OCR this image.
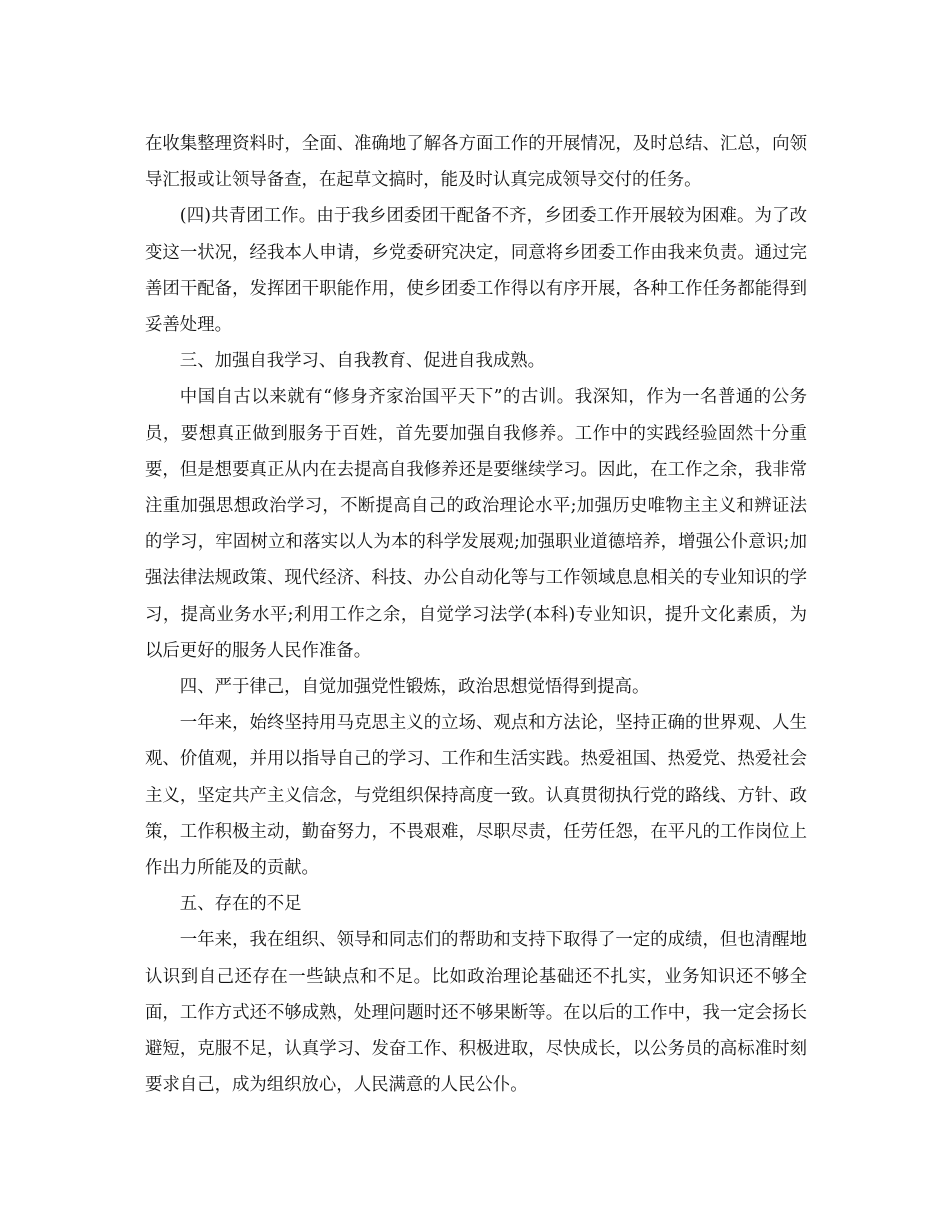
在收集整理资料时，全面、准确地了解各方面工作的开展情况，及时总结、汇总，向领导汇报或让领导备查，在起草文搞时，能及时认真完成领导交付的任务。

(四)共青团工作。由于我乡团委团干配备不齐，乡团委工作开展较为困难。为了改变这一状况，经我本人申请，乡党委研究决定，同意将乡团委工作由我来负责。通过完善团干配备，发挥团干职能作用，使乡团委工作得以有序开展，各种工作任务都能得到妥善处理。

三、加强自我学习、自我教育、促进自我成熟。

中国自古以来就有“修身齐家治国平天下”的古训。我深知，作为一名普通的公务员，要想真正做到服务于百姓，首先要加强自我修养。工作中的实践经验固然十分重要，但是想要真正从内在去提高自我修养还是要继续学习。因此，在工作之余，我非常注重加强思想政治学习，不断提高自己的政治理论水平;加强历史唯物主主义和辨证法的学习，牢固树立和落实以人为本的科学发展观;加强职业道德培养，增强公仆意识;加强法律法规政策、现代经济、科技、办公自动化等与工作领域息息相关的专业知识的学习，提高业务水平;利用工作之余，自觉学习法学(本科)专业知识，提升文化素质，为以后更好的服务人民作准备。

四、严于律己，自觉加强党性锻炼，政治思想觉悟得到提高。

一年来，始终坚持用马克思主义的立场、观点和方法论，坚持正确的世界观、人生观、价值观，并用以指导自己的学习、工作和生活实践。热爱祖国、热爱党、热爱社会主义，坚定共产主义信念，与党组织保持高度一致。认真贯彻执行党的路线、方针、政策，工作积极主动，勤奋努力，不畏艰难，尽职尽责，任劳任怨，在平凡的工作岗位上作出力所能及的贡献。

五、存在的不足

一年来，我在组织、领导和同志们的帮助和支持下取得了一定的成绩，但也清醒地认识到自己还存在一些缺点和不足。比如政治理论基础还不扎实，业务知识还不够全面，工作方式还不够成熟，处理问题时还不够果断等。在以后的工作中，我一定会扬长避短，克服不足，认真学习、发奋工作、积极进取，尽快成长，以公务员的高标准时刻要求自己，成为组织放心，人民满意的人民公仆。
